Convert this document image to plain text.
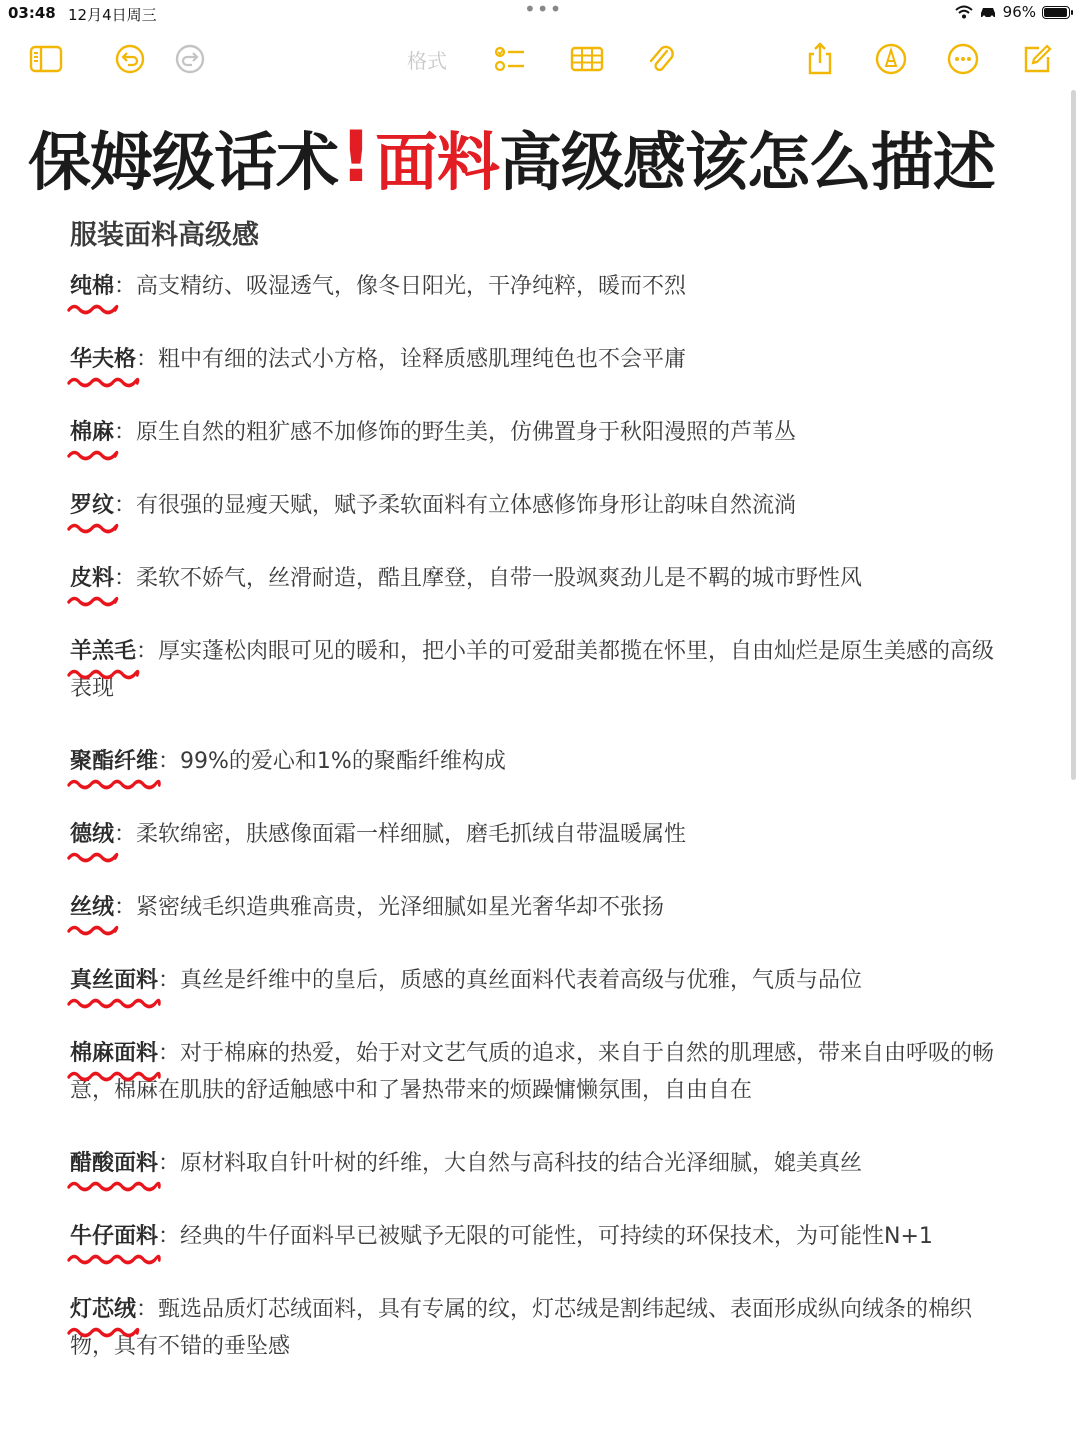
03:48 12月4日周三	•••	96%
格式
保姆级话术 ! 面料 高级感该怎么描述
服装面料高级感
纯棉
：高支精纺、吸湿透气，像冬日阳光，干净纯粹，暖而不烈
华夫格
：粗中有细的法式小方格，诠释质感肌理纯色也不会平庸
棉麻
：原生自然的粗犷感不加修饰的野生美，仿佛置身于秋阳漫照的芦苇丛
罗纹
：有很强的显瘦天赋，赋予柔软面料有立体感修饰身形让韵味自然流淌
皮料
：柔软不娇气，丝滑耐造，酷且摩登，自带一股飒爽劲儿是不羁的城市野性风
羊羔毛
：厚实蓬松肉眼可见的暖和，把小羊的可爱甜美都揽在怀里，自由灿烂是原生美感的高级表现
聚酯纤维
：99%的爱心和1%的聚酯纤维构成
德绒
：柔软绵密，肤感像面霜一样细腻，磨毛抓绒自带温暖属性
丝绒
：紧密绒毛织造典雅高贵，光泽细腻如星光奢华却不张扬
真丝面料
：真丝是纤维中的皇后，质感的真丝面料代表着高级与优雅，气质与品位
棉麻面料
：对于棉麻的热爱，始于对文艺气质的追求，来自于自然的肌理感，带来自由呼吸的畅意，棉麻在肌肤的舒适触感中和了暑热带来的烦躁慵懒氛围，自由自在
醋酸面料
：原材料取自针叶树的纤维，大自然与高科技的结合光泽细腻，媲美真丝
牛仔面料
：经典的牛仔面料早已被赋予无限的可能性，可持续的环保技术，为可能性N+1
灯芯绒
：甄选品质灯芯绒面料，具有专属的纹，灯芯绒是割纬起绒、表面形成纵向绒条的棉织物，具有不错的垂坠感
